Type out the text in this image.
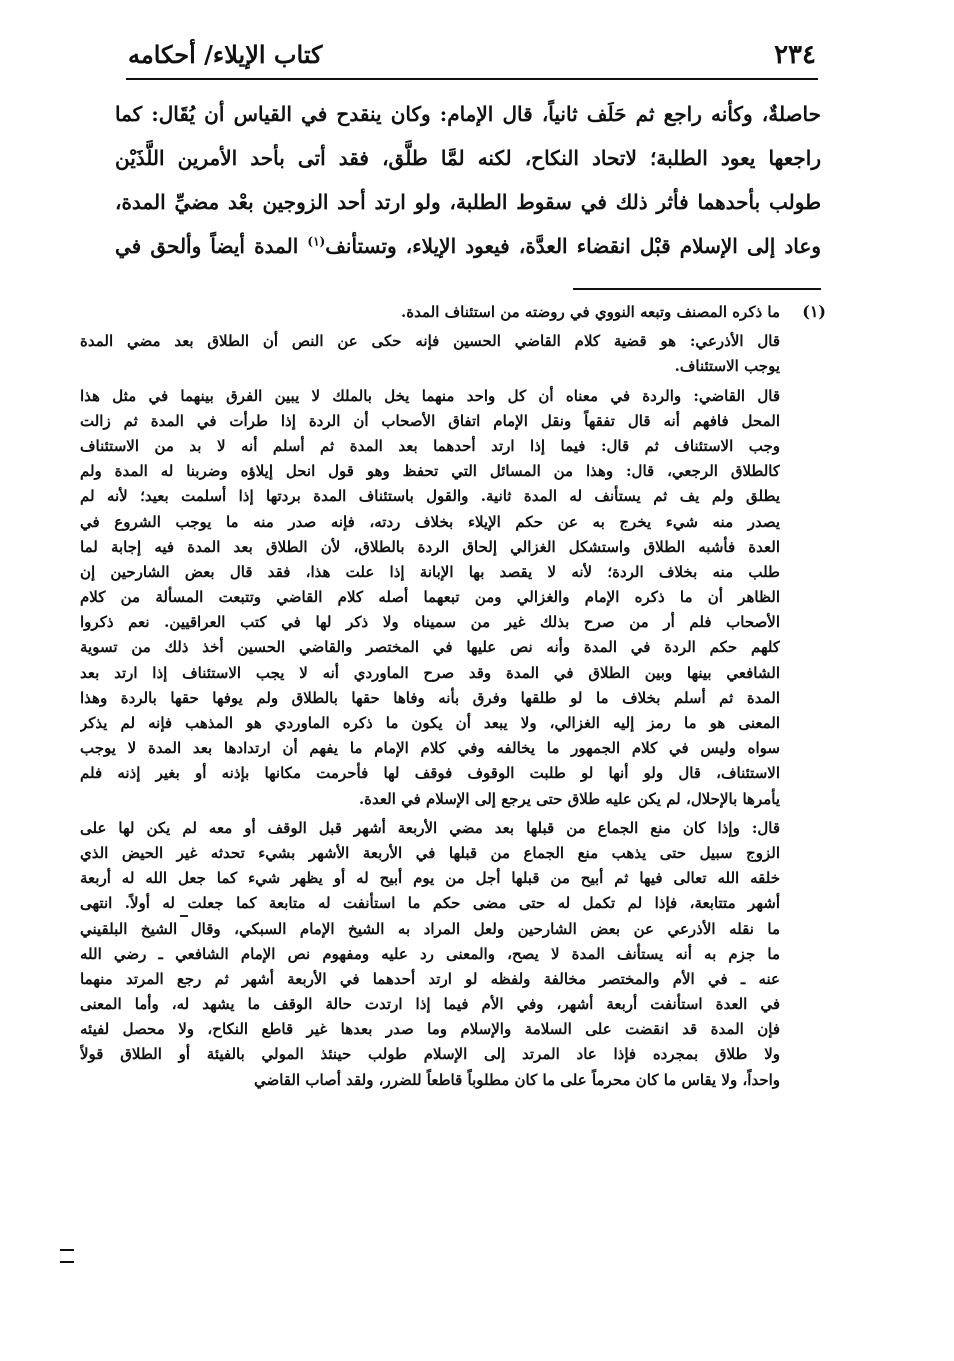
٢٣٤
كتاب الإيلاء/ أحكامه
حاصلةٌ، وكأنه راجع ثم حَلَف ثانياً، قال الإمام: وكان ينقدح في القياس أن يُقَال: كما
راجعها يعود الطلبة؛ لاتحاد النكاح، لكنه لمَّا طلَّق، فقد أتى بأحد الأمرين اللَّذَيْن
طولب بأحدهما فأثر ذلك في سقوط الطلبة، ولو ارتد أحد الزوجين بعْد مضيِّ المدة،
وعاد إلى الإسلام قبْل انقضاء العدَّة، فيعود الإيلاء، وتستأنف$^{(١)}$ المدة أيضاً وألحق في
(١)
ما ذكره المصنف وتبعه النووي في روضته من استئناف المدة.
قال الأذرعي: هو قضية كلام القاضي الحسين فإنه حكى عن النص أن الطلاق بعد مضي المدة
يوجب الاستئناف.
قال القاضي: والردة في معناه أن كل واحد منهما يخل بالملك لا يبين الفرق بينهما في مثل هذا
المحل فافهم أنه قال تفقهاً ونقل الإمام اتفاق الأصحاب أن الردة إذا طرأت في المدة ثم زالت
وجب الاستئناف ثم قال: فيما إذا ارتد أحدهما بعد المدة ثم أسلم أنه لا بد من الاستئناف
كالطلاق الرجعي، قال: وهذا من المسائل التي تحفظ وهو قول انحل إيلاؤه وضربنا له المدة ولم
يطلق ولم يف ثم يستأنف له المدة ثانية. والقول باستئناف المدة بردتها إذا أسلمت بعيد؛ لأنه لم
يصدر منه شيء يخرج به عن حكم الإيلاء بخلاف ردته، فإنه صدر منه ما يوجب الشروع في
العدة فأشبه الطلاق واستشكل الغزالي إلحاق الردة بالطلاق، لأن الطلاق بعد المدة فيه إجابة لما
طلب منه بخلاف الردة؛ لأنه لا يقصد بها الإبانة إذا علت هذا، فقد قال بعض الشارحين إن
الظاهر أن ما ذكره الإمام والغزالي ومن تبعهما أصله كلام القاضي وتتبعت المسألة من كلام
الأصحاب فلم أر من صرح بذلك غير من سميناه ولا ذكر لها في كتب العراقيين. نعم ذكروا
كلهم حكم الردة في المدة وأنه نص عليها في المختصر والقاضي الحسين أخذ ذلك من تسوية
الشافعي بينها وبين الطلاق في المدة وقد صرح الماوردي أنه لا يجب الاستئناف إذا ارتد بعد
المدة ثم أسلم بخلاف ما لو طلقها وفرق بأنه وفاها حقها بالطلاق ولم يوفها حقها بالردة وهذا
المعنى هو ما رمز إليه الغزالي، ولا يبعد أن يكون ما ذكره الماوردي هو المذهب فإنه لم يذكر
سواه وليس في كلام الجمهور ما يخالفه وفي كلام الإمام ما يفهم أن ارتدادها بعد المدة لا يوجب
الاستئناف، قال ولو أنها لو طلبت الوقوف فوقف لها فأحرمت مكانها بإذنه أو بغير إذنه فلم
يأمرها بالإحلال، لم يكن عليه طلاق حتى يرجع إلى الإسلام في العدة.
قال: وإذا كان منع الجماع من قبلها بعد مضي الأربعة أشهر قبل الوقف أو معه لم يكن لها على
الزوج سبيل حتى يذهب منع الجماع من قبلها في الأربعة الأشهر بشيء تحدثه غير الحيض الذي
خلقه الله تعالى فيها ثم أبيح من قبلها أجل من يوم أبيح له أو يظهر شيء كما جعل الله له أربعة
أشهر متتابعة، فإذا لم تكمل له حتى مضى حكم ما استأنفت له متابعة كما جعلت له أولاً. انتهى
ما نقله الأذرعي عن بعض الشارحين ولعل المراد به الشيخ الإمام السبكي، وقال الشيخ البلقيني
ما جزم به أنه يستأنف المدة لا يصح، والمعنى رد عليه ومفهوم نص الإمام الشافعي ـ رضي الله
عنه ـ في الأم والمختصر مخالفة ولفظه لو ارتد أحدهما في الأربعة أشهر ثم رجع المرتد منهما
في العدة استأنفت أربعة أشهر، وفي الأم فيما إذا ارتدت حالة الوقف ما يشهد له، وأما المعنى
فإن المدة قد انقضت على السلامة والإسلام وما صدر بعدها غير قاطع النكاح، ولا محصل لفيئه
ولا طلاق بمجرده فإذا عاد المرتد إلى الإسلام طولب حينئذ المولي بالفيئة أو الطلاق قولاً
واحداً، ولا يقاس ما كان محرماً على ما كان مطلوباً قاطعاً للضرر، ولقد أصاب القاضي
